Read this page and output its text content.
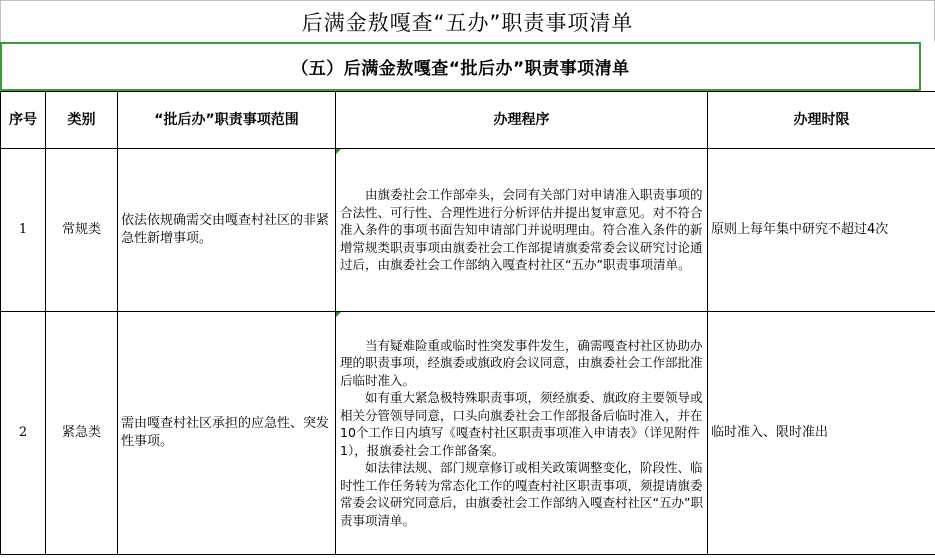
后满金敖嘎查“五办”职责事项清单
（五）后满金敖嘎查“批后办”职责事项清单
序号	类别	“批后办”职责事项范围	办理程序	办理时限
1	常规类	依法依规确需交由嘎查村社区的非紧急性新增事项。	由旗委社会工作部牵头，会同有关部门对申请准入职责事项的合法性、可行性、合理性进行分析评估并提出复审意见。对不符合准入条件的事项书面告知申请部门并说明理由。符合准入条件的新增常规类职责事项由旗委社会工作部提请旗委常委会议研究讨论通过后，由旗委社会工作部纳入嘎查村社区“五办”职责事项清单。	原则上每年集中研究不超过4次
2	紧急类	需由嘎查村社区承担的应急性、突发性事项。	当有疑难险重或临时性突发事件发生，确需嘎查村社区协助办理的职责事项，经旗委或旗政府会议同意，由旗委社会工作部批准后临时准入。

如有重大紧急极特殊职责事项，须经旗委、旗政府主要领导或相关分管领导同意，口头向旗委社会工作部报备后临时准入，并在10个工作日内填写《嘎查村社区职责事项准入申请表》（详见附件1），报旗委社会工作部备案。

如法律法规、部门规章修订或相关政策调整变化，阶段性、临时性工作任务转为常态化工作的嘎查村社区职责事项，须提请旗委常委会议研究同意后，由旗委社会工作部纳入嘎查村社区“五办”职责事项清单。	临时准入、限时准出
